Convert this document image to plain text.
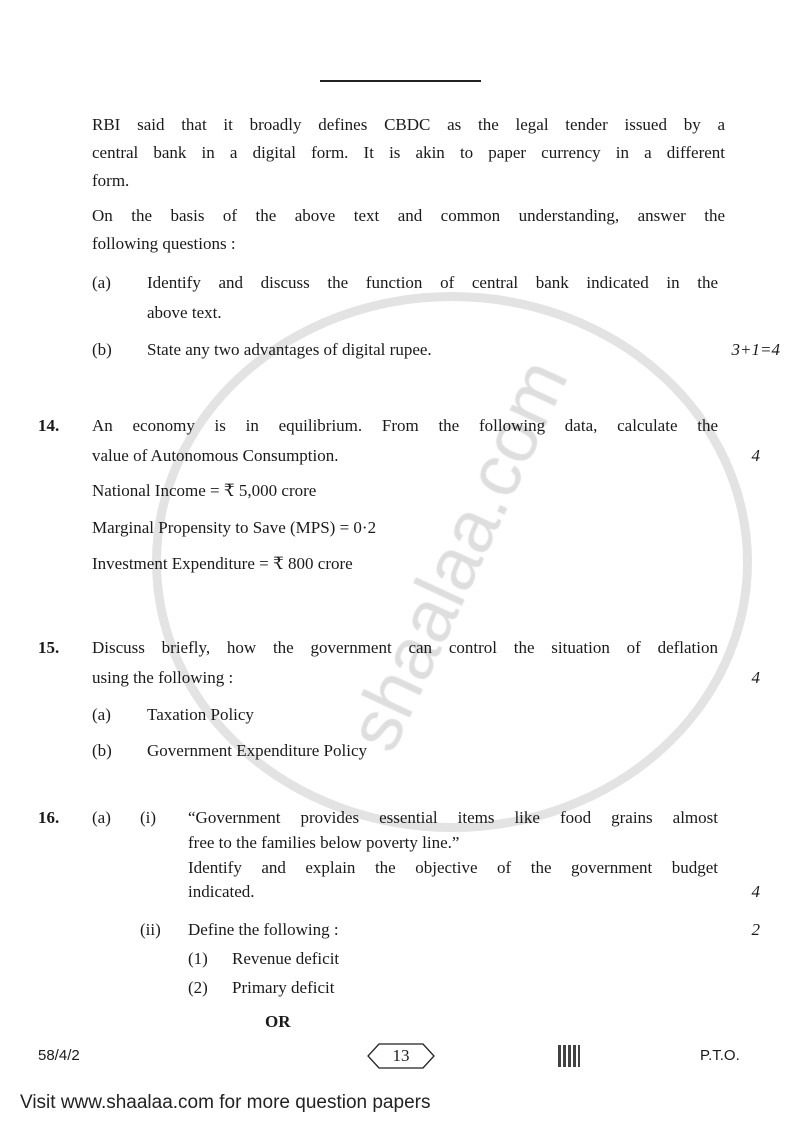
RBI said that it broadly defines CBDC as the legal tender issued by a
central bank in a digital form. It is akin to paper currency in a different
form.
On the basis of the above text and common understanding, answer the
following questions :
(a) Identify and discuss the function of central bank indicated in the
above text.
(b) State any two advantages of digital rupee.	3+1=4
14. An economy is in equilibrium. From the following data, calculate the
value of Autonomous Consumption.	4
National Income = ₹ 5,000 crore
Marginal Propensity to Save (MPS) = 0·2
Investment Expenditure = ₹ 800 crore
15. Discuss briefly, how the government can control the situation of deflation
using the following :	4
(a) Taxation Policy
(b) Government Expenditure Policy
16. (a) (i) “Government provides essential items like food grains almost
free to the families below poverty line.”
Identify and explain the objective of the government budget
indicated.	4
(ii) Define the following :	2
(1) Revenue deficit
(2) Primary deficit
OR
58/4/2	13	P.T.O.
Visit www.shaalaa.com for more question papers
